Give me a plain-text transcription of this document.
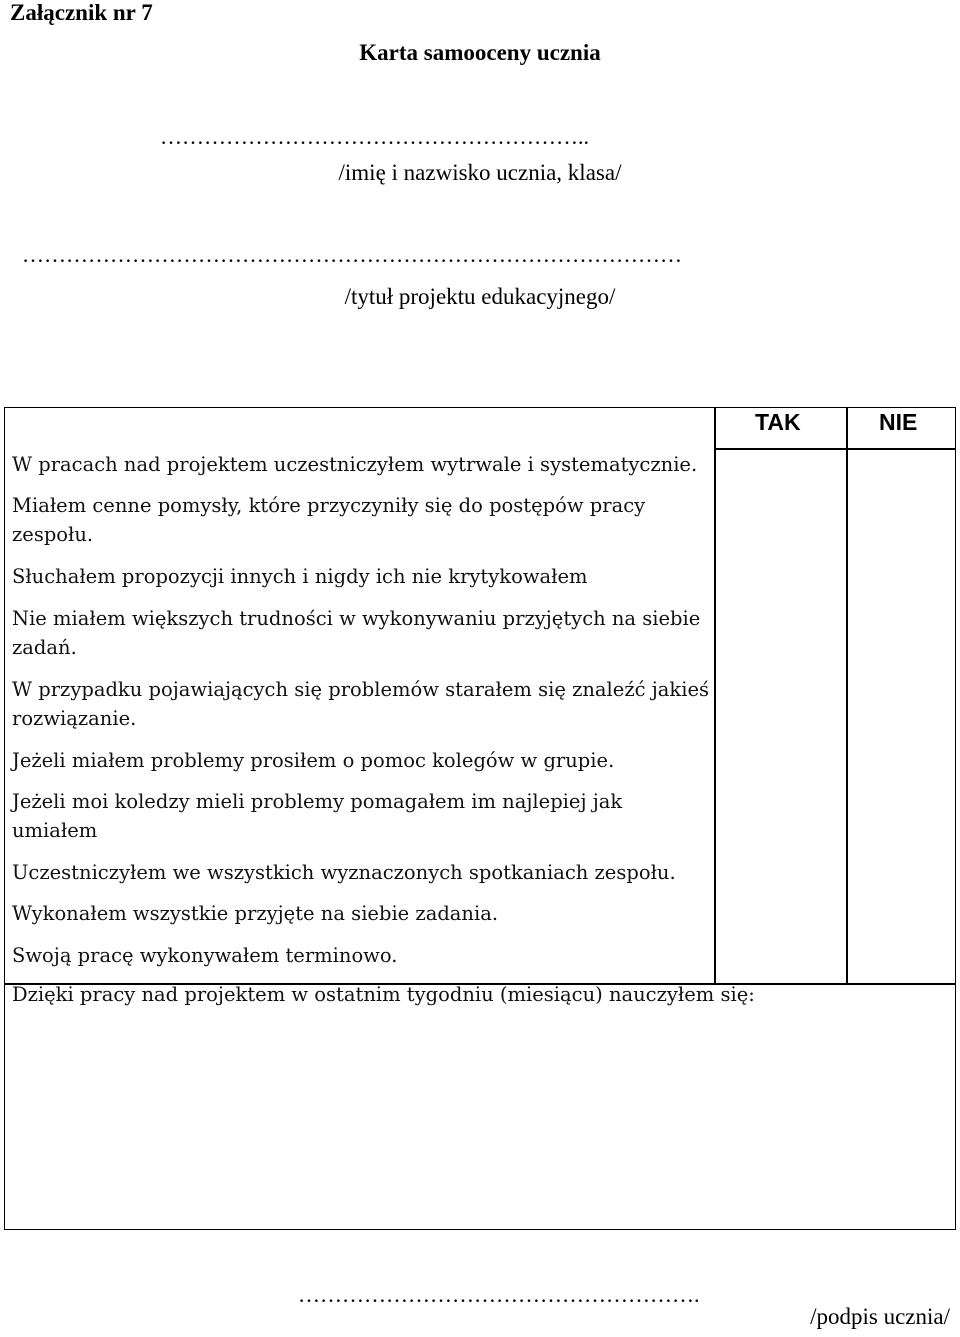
Załącznik nr 7
Karta samooceny ucznia
…………………………………………………..
/imię i nazwisko ucznia, klasa/
………………………………………………………………………………
/tytuł projektu edukacyjnego/
TAK	NIE
W pracach nad projektem uczestniczyłem wytrwale i systematycznie.
Miałem cenne pomysły, które przyczyniły się do postępów pracy zespołu.
Słuchałem propozycji innych i nigdy ich nie krytykowałem
Nie miałem większych trudności w wykonywaniu przyjętych na siebie zadań.
W przypadku pojawiających się problemów starałem się znaleźć jakieś rozwiązanie.
Jeżeli miałem problemy prosiłem o pomoc kolegów w grupie.
Jeżeli moi koledzy mieli problemy pomagałem im najlepiej jak umiałem
Uczestniczyłem we wszystkich wyznaczonych spotkaniach zespołu.
Wykonałem wszystkie przyjęte na siebie zadania.
Swoją pracę wykonywałem terminowo.
Dzięki pracy nad projektem w ostatnim tygodniu (miesiącu) nauczyłem się:
……………………………………………….
/podpis ucznia/
